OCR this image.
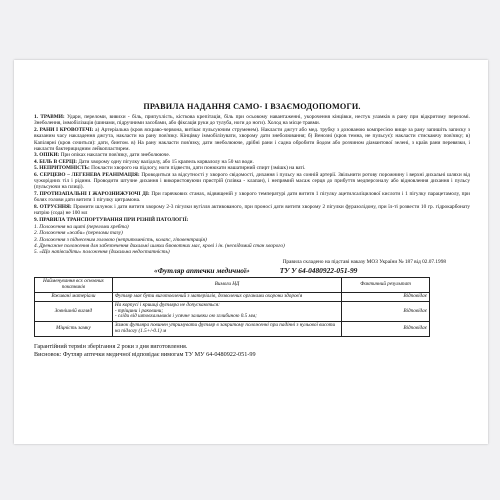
ПРАВИЛА НАДАННЯ САМО- І ВЗАЄМОДОПОМОГИ.

1. ТРАВМИ: Удари, переломи, вивихи - біль, припухлість, кісткова крепітація, біль при осьовому навантаженні, укорочення кінцівки, нестук уламків в рану при відкритому переломі. Знеболення, іммобілізація (шинами, підручними засобами, або фіксація руки до тулуба, ноги до ноги). Холод на місце травми.

2. РАНИ І КРОВОТЕЧІ: а) Артеріальна (кров яскраво-червона, витікає пульсуючим струменем). Накласти джгут або мед. трубку з дозованою компресією вище за рану запишіть записку з вказаним часу накладення джгута, накласти на рану пов'язку. Кінцівку іммобілізувати, хворому дати знеболювання; б) Венозні (кров темна, не пульсує): накласти стискаючу пов'язку; в) Капілярні (кров сочиться): дати, бинтом. в) На рану накласти пов'язку, дати знеболююче, дрібні рани і садна обробити йодом або розчином діамантової зелені, з країв рани перевязки, і накласти бактерицидним лейкопластирем.

3. ОПІКИ: При опіках накласти пов'язку, дати знеболююче.

4. БІЛЬ В СЕРЦІ: Дати хворому одну пігулку валідолу, або 15 крапель корвалолу на 50 мл води.

5. НЕПРИТОМНІСТЬ: Покласти хворого на підлогу, ноги підвести, дати понюхати нашатирний спирт (змішк) на ваті.

6. СЕРЦЕВО – ЛЕГЕНЕВА РЕАНІМАЦІЯ: Проводиться за відсутності у хворого свідомості, дихання і пульсу на сонній артерії. Звільнити ротову порожнину і верхні дихальні шляхи від чужорідних тіл і рідини. Проводити штучне дихання і використовуючи пристрій (плівка - клапан), і непрямий масаж серця до прибуття медперсоналу або відновлення дихання і пульсу (пульсуючи на плиці).

7. ПРОТИЗАПАЛЬНІ І ЖАРОЗНИЖУЮЧІ ДІ: При гарячкових станах, відвищеній у хворого температурі дати вититя 1 пігулку ацетилсаліцилової кислоти і 1 пігулку парацетамолу, при болях голови дати вититя 1 пігулку цитрамона.

8. ОТРУЄННЯ: Промити шлунок і дати вититя хворому 2-3 пігулки вугілля активованого, при проносі дати вититя хворому 2 пігулки фуразолідону, при їл-ті розвести 10 гр. гідрокарбонату натрію (сода) не 100 мл

9. ПРАВИЛА ТРАНСПОРТУВАННЯ ПРИ РІЗНІЙ ПАТОЛОГІЇ:

1. Положення на щиті (переломи хребта)
2. Положення «жаби» (переломи тазу)
3. Положення з піднесеним головою (непритомність, колапс, гіповентрація)
4. Дренажне положення для забезпечення дихальні шляхи блювотних мас, крові і ін. (несвідомий стан хворого)
5. «Що напівсидіти» положення (дихальна недостатність)
Правила складено на підставі наказу МОЗ України № 187 від 02.07.1998
«Футляр аптечки медичної»	ТУ У 64-0480922-051-99
Найменування всх основних показників	Вимоги НД	Фактичний результат
Вживані матеріали	Футляр має бути виготовлений з матеріалів, дозволених органами охорони здоров'я	Відповідає
Зовнішній вигляд	На корпусі і кришці футляра не допускаються:
- тріщини і раковини;
- сліди від штовхальників і усячне заливки ою зглибиною 0.5 мм;	Відповідає
Міцність замку	Замок футляра повинен утримувати футляр в закритому положенні при падінні з нульової висоти на підлогу (1.5+/-0.1) м	Відповідає
Гарантійний термін зберігання 2 роки з дня виготовлення.
Висновок: Футляр аптечки медичної відповідає вимогам ТУ МУ 64-0480922-051-99
